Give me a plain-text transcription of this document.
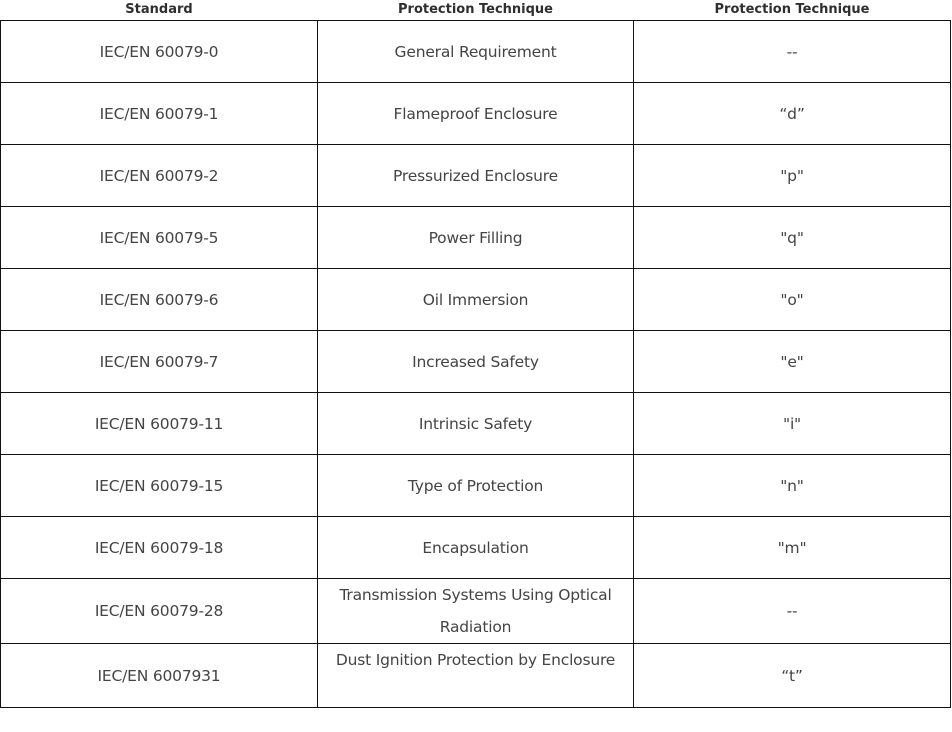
Standard	Protection Technique	Protection Technique
IEC/EN 60079-0	General Requirement	--
IEC/EN 60079-1	Flameproof Enclosure	“d”
IEC/EN 60079-2	Pressurized Enclosure	"p"
IEC/EN 60079-5	Power Filling	"q"
IEC/EN 60079-6	Oil Immersion	"o"
IEC/EN 60079-7	Increased Safety	"e"
IEC/EN 60079-11	Intrinsic Safety	"i"
IEC/EN 60079-15	Type of Protection	"n"
IEC/EN 60079-18	Encapsulation	"m"
IEC/EN 60079-28	Transmission Systems Using Optical Radiation	--
IEC/EN 6007931	Dust Ignition Protection by Enclosure	“t”
